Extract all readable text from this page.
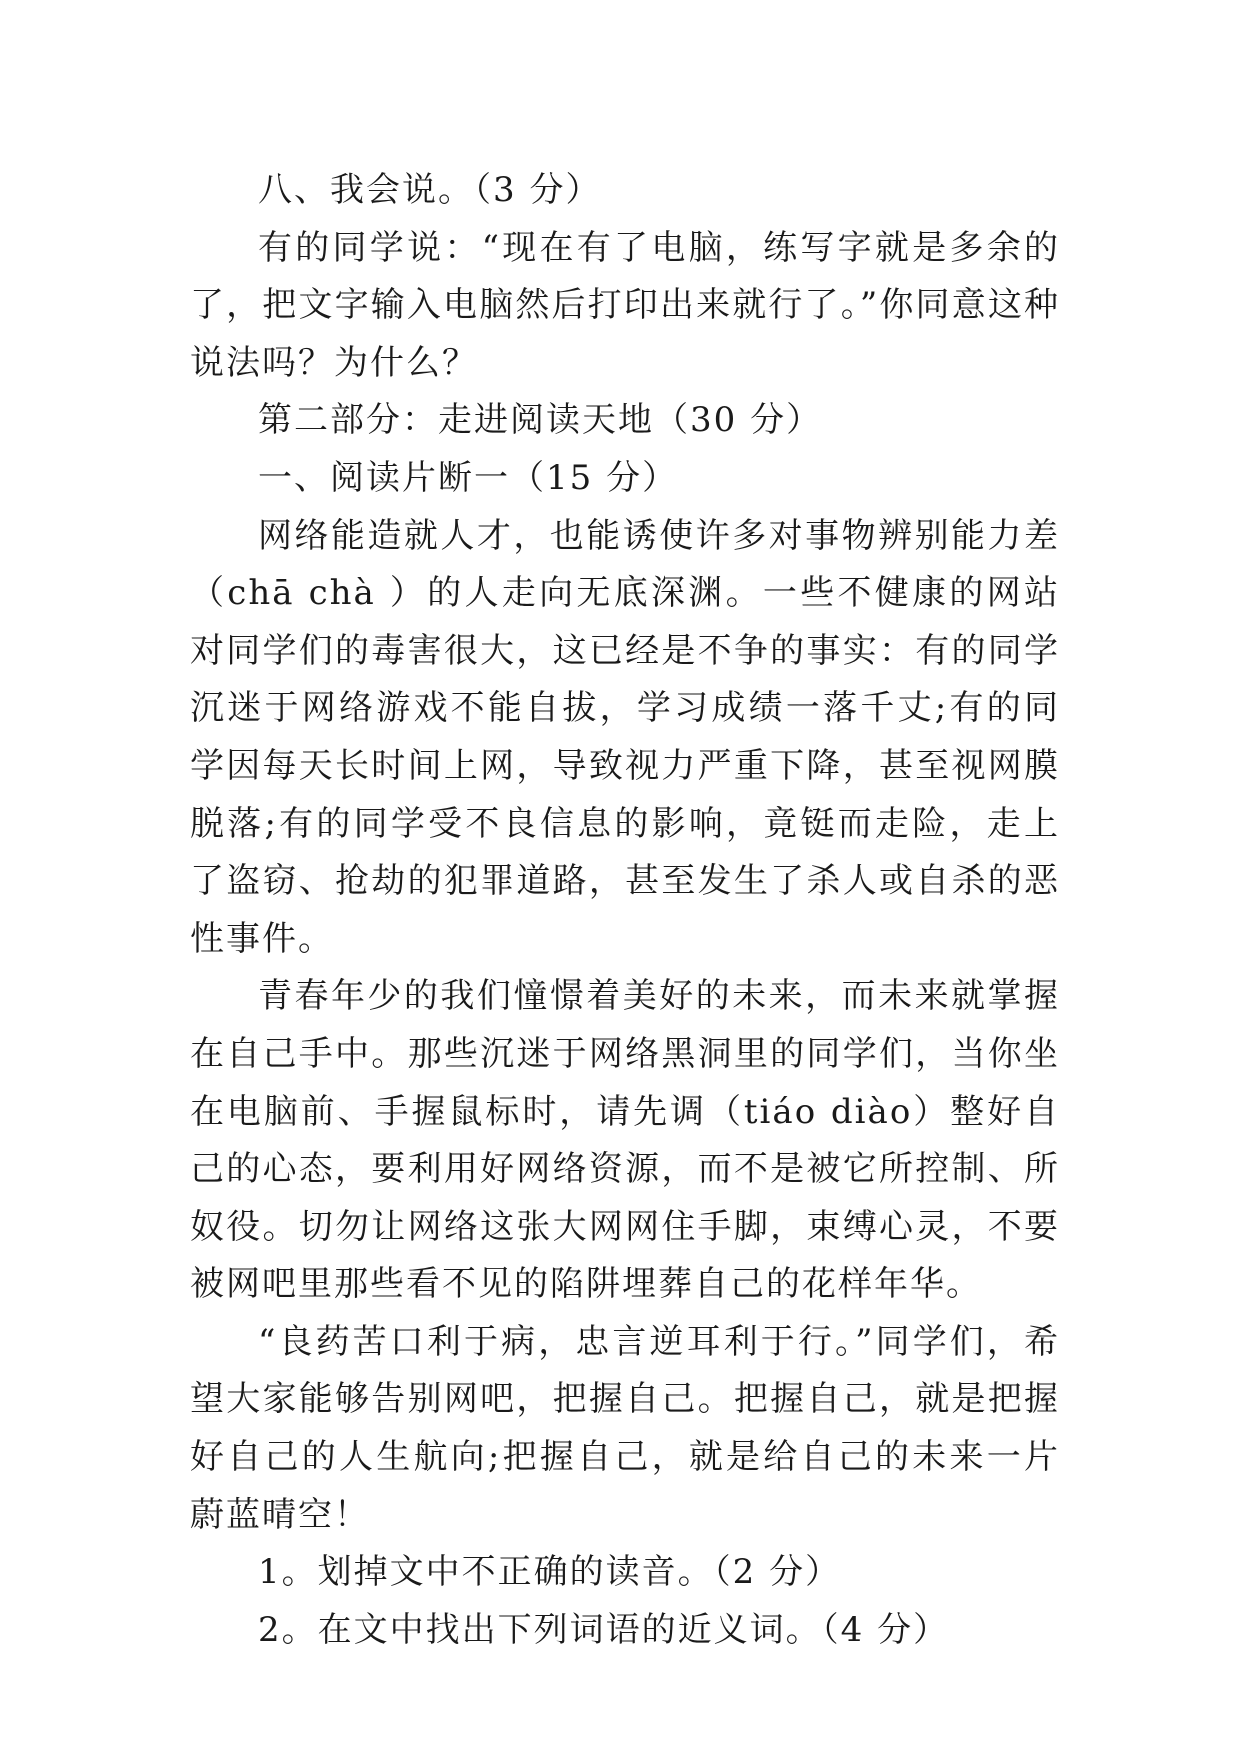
八、我会说。（3 分）

有的同学说：“现在有了电脑，练写字就是多余的了，把文字输入电脑然后打印出来就行了。”你同意这种说法吗？为什么？

第二部分：走进阅读天地（30 分）

一、阅读片断一（15 分）

网络能造就人才，也能诱使许多对事物辨别能力差（chā chà ）的人走向无底深渊。一些不健康的网站对同学们的毒害很大，这已经是不争的事实：有的同学沉迷于网络游戏不能自拔，学习成绩一落千丈;有的同学因每天长时间上网，导致视力严重下降，甚至视网膜脱落;有的同学受不良信息的影响，竟铤而走险，走上了盗窃、抢劫的犯罪道路，甚至发生了杀人或自杀的恶性事件。

青春年少的我们憧憬着美好的未来，而未来就掌握在自己手中。那些沉迷于网络黑洞里的同学们，当你坐在电脑前、手握鼠标时，请先调（tiáo diào）整好自己的心态，要利用好网络资源，而不是被它所控制、所奴役。切勿让网络这张大网网住手脚，束缚心灵，不要被网吧里那些看不见的陷阱埋葬自己的花样年华。

“良药苦口利于病，忠言逆耳利于行。”同学们，希望大家能够告别网吧，把握自己。把握自己，就是把握好自己的人生航向;把握自己，就是给自己的未来一片蔚蓝晴空！

1。划掉文中不正确的读音。（2 分）

2。在文中找出下列词语的近义词。（4 分）
